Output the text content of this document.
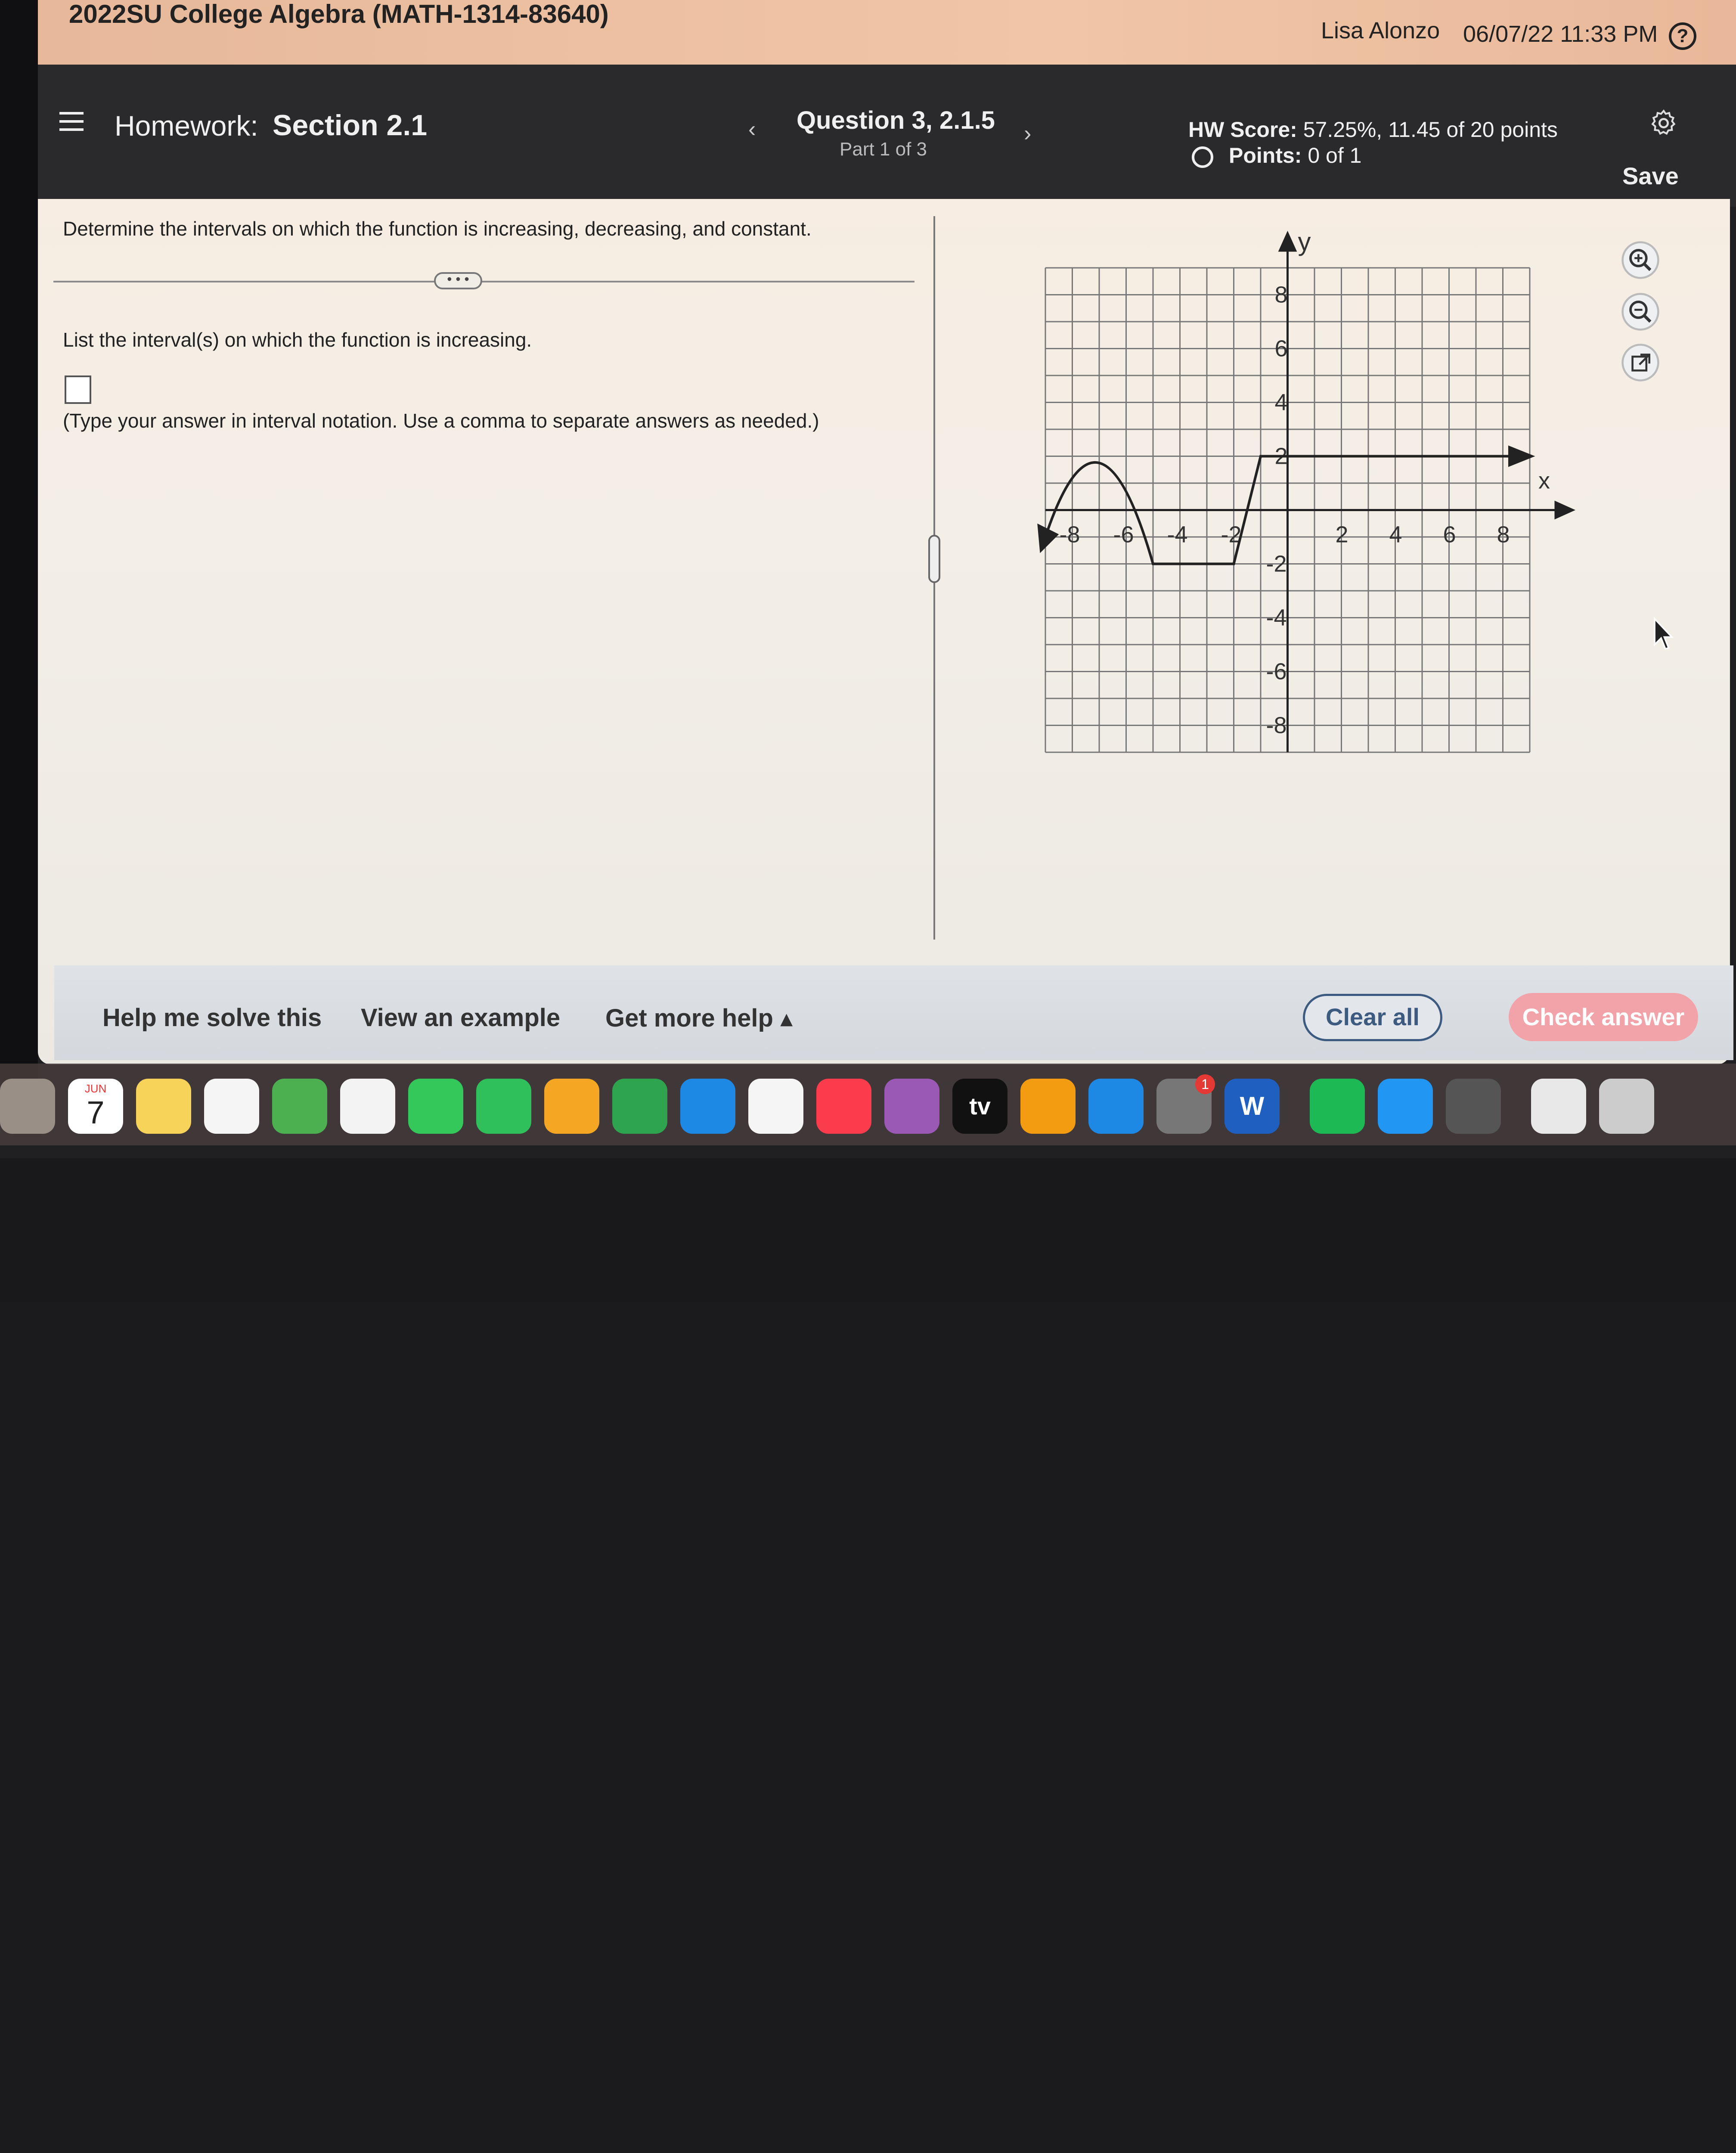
2022SU College Algebra (MATH-1314-83640)
Lisa Alonzo 06/07/22 11:33 PM	?
Homework: Section 2.1	‹ Question 3, 2.1.5
Part 1 of 3
›	HW Score: 57.25%, 11.45 of 20 points
Points: 0 of 1
Save
Determine the intervals on which the function is increasing, decreasing, and constant.
• • •
List the interval(s) on which the function is increasing.
(Type your answer in interval notation. Use a comma to separate answers as needed.)
-8 -6 -4 -2	2 4 6 8
8
6
4
2
-2
-4
-6
-8
x
y
Help me solve this View an example Get more help ▴	Clear all	Check answer
JUN
7	tv
1
W
